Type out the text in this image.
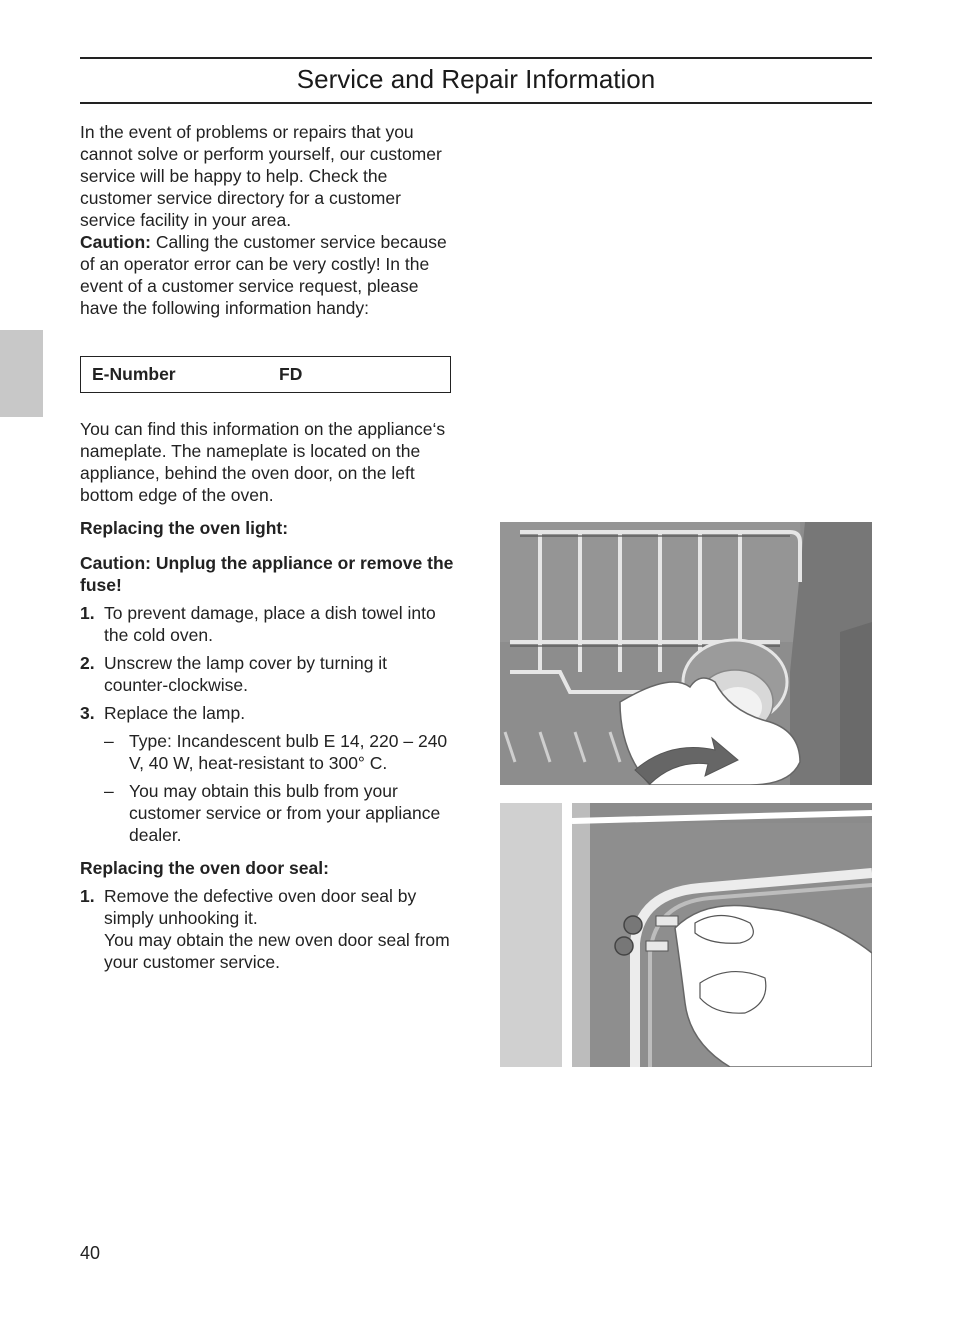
Service and Repair Information

In the event of problems or repairs that you cannot solve or perform yourself, our customer service will be happy to help. Check the customer service directory for a customer service facility in your area.

Caution: Calling the customer service because of an operator error can be very costly! In the event of a customer service request, please have the following information handy:

E-Number	FD

You can find this information on the appliance‘s nameplate. The nameplate is located on the appliance, behind the oven door, on the left bottom edge of the oven.

Replacing the oven light:

Caution: Unplug the appliance or remove the fuse!

1. To prevent damage, place a dish towel into the cold oven.
2. Unscrew the lamp cover by turning it counter-clockwise.
3. Replace the lamp.
– Type: Incandescent bulb E 14, 220 – 240 V, 40 W, heat-resistant to 300° C.
– You may obtain this bulb from your customer service or from your appliance dealer.

Replacing the oven door seal:

1. Remove the defective oven door seal by simply unhooking it.
You may obtain the new oven door seal from your customer service.
40
